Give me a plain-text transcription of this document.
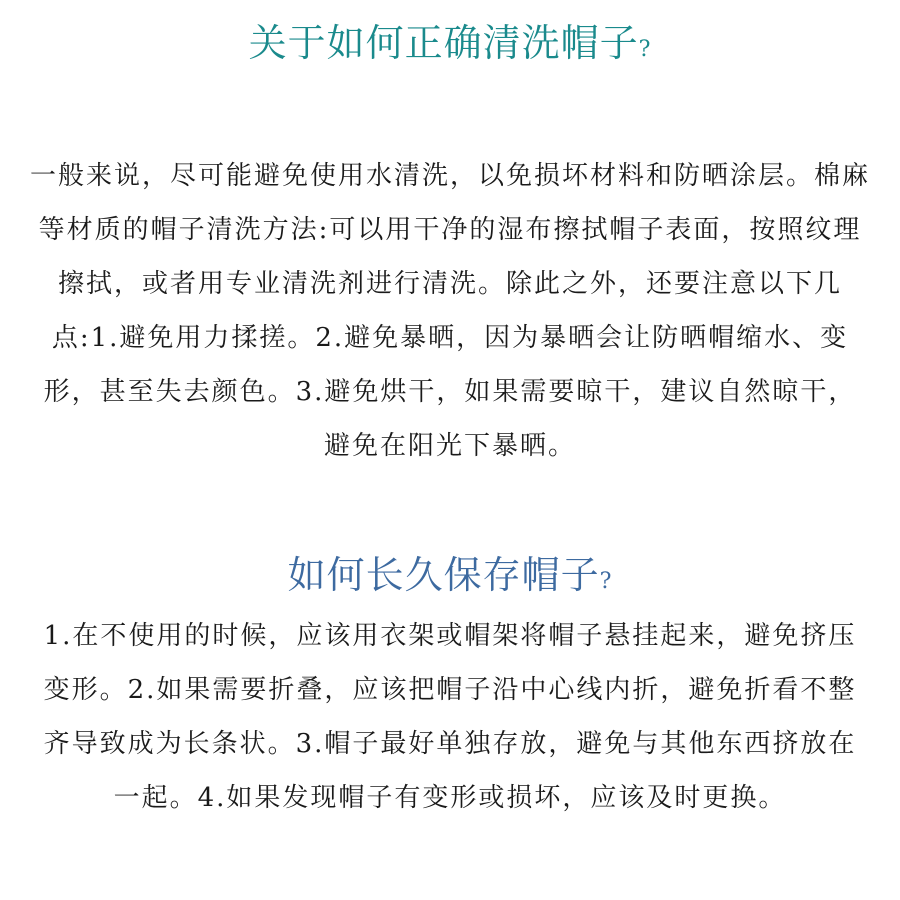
关于如何正确清洗帽子?

一般来说，尽可能避免使用水清洗，以免损坏材料和防晒涂层。棉麻等材质的帽子清洗方法:可以用干净的湿布擦拭帽子表面，按照纹理擦拭，或者用专业清洗剂进行清洗。除此之外，还要注意以下几点:1.避免用力揉搓。2.避免暴晒，因为暴晒会让防晒帽缩水、变形，甚至失去颜色。3.避免烘干，如果需要晾干，建议自然晾干，避免在阳光下暴晒。

如何长久保存帽子?

1.在不使用的时候，应该用衣架或帽架将帽子悬挂起来，避免挤压变形。2.如果需要折叠，应该把帽子沿中心线内折，避免折看不整齐导致成为长条状。3.帽子最好单独存放，避免与其他东西挤放在一起。4.如果发现帽子有变形或损坏，应该及时更换。
